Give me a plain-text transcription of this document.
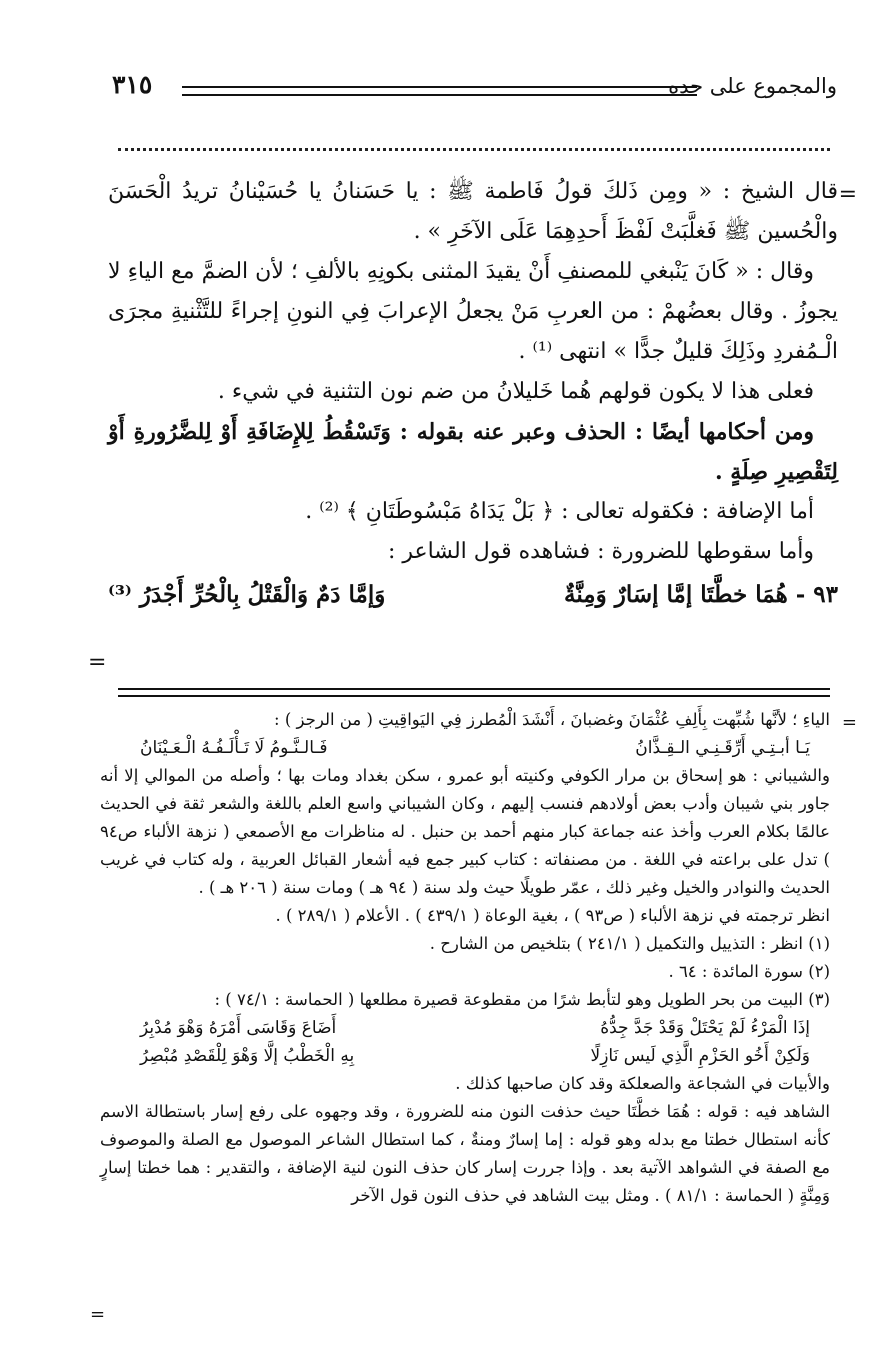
٣١٥	والمجموع على حده
=

قال الشيخ : « ومِن ذَلكَ قولُ فَاطمة ﷺ : يا حَسَنانُ يا حُسَيْنانُ تريدُ الْحَسَنَ والْحُسين ﷺ فَغلَّبَتْ لَفْظَ أَحدِهِمَا عَلَى الآخَرِ » .

وقال : « كَانَ يَنْبغي للمصنفِ أَنْ يقيدَ المثنى بكونِهِ بالألفِ ؛ لأن الضمَّ مع الياءِ لا يجوزُ . وقال بعضُهمْ : من العربِ مَنْ يجعلُ الإعرابَ فِي النونِ إجراءً للتَّثْنيةِ مجرَى الْـمُفردِ وذَلِكَ قليلٌ جدًّا » انتهى ⁽¹⁾ .

فعلى هذا لا يكون قولهم هُما خَليلانُ من ضم نون التثنية في شيء .

ومن أحكامها أيضًا : الحذف وعبر عنه بقوله : وَتَسْقُطُ لِلإِضَافَةِ أَوْ لِلضَّرُورةِ أَوْ لِتَقْصِيرِ صِلَةٍ .

أما الإضافة : فكقوله تعالى : ﴿ بَلْ يَدَاهُ مَبْسُوطَتَانِ ﴾ ⁽²⁾ .

وأما سقوطها للضرورة : فشاهده قول الشاعر :

٩٣ - هُمَا خطَّتَا إمَّا إسَارٌ وَمِنَّةٌ
وَإمَّا دَمٌ وَالْقَتْلُ بِالْحُرِّ أَجْدَرُ ⁽³⁾
=
=

الياءِ ؛ لأنَّها شُبِّهت بِأَلِفِ عُثْمَانَ وغضبانَ ، أَنْشَدَ الْمُطرز فِي اليَواقِيتِ ( من الرجز ) :

يَـا أبـتِـي أَرِّقَـنِـي الـقِـذَّانُ
فَـالـنَّـومُ لَا تَـأْلَـفُـهُ الْـعَـيْنَانُ

والشيباني : هو إسحاق بن مرار الكوفي وكنيته أبو عمرو ، سكن بغداد ومات بها ؛ وأصله من الموالي إلا أنه جاور بني شيبان وأدب بعض أولادهم فنسب إليهم ، وكان الشيباني واسع العلم باللغة والشعر ثقة في الحديث عالمًا بكلام العرب وأخذ عنه جماعة كبار منهم أحمد بن حنبل . له مناظرات مع الأصمعي ( نزهة الألباء ص٩٤ ) تدل على براعته في اللغة . من مصنفاته : كتاب كبير جمع فيه أشعار القبائل العربية ، وله كتاب في غريب الحديث والنوادر والخيل وغير ذلك ، عمّر طويلًا حيث ولد سنة ( ٩٤ هـ ) ومات سنة ( ٢٠٦ هـ ) .

انظر ترجمته في نزهة الألباء ( ص٩٣ ) ، بغية الوعاة ( ٤٣٩/١ ) . الأعلام ( ٢٨٩/١ ) .

(١) انظر : التذييل والتكميل ( ٢٤١/١ ) بتلخيص من الشارح .

(٢) سورة المائدة : ٦٤ .

(٣) البيت من بحر الطويل وهو لتأبط شرًا من مقطوعة قصيرة مطلعها ( الحماسة : ٧٤/١ ) :

إذَا الْمَرْءُ لَمْ يَحْتَلْ وَقَدْ جَدَّ جِدُّهُ
أَضَاعَ وَقَاسَى أَمْرَهُ وَهْوَ مُدْبِرُ
وَلَكِنْ أَخُو الحَزْمِ الَّذِي لَيس نَازِلًا
بِهِ الْخَطْبُ إلَّا وَهْوَ لِلْقَصْدِ مُبْصِرُ

والأبيات في الشجاعة والصعلكة وقد كان صاحبها كذلك .

الشاهد فيه : قوله : هُمَا خطَّتَا حيث حذفت النون منه للضرورة ، وقد وجهوه على رفع إسار باستطالة الاسم كأنه استطال خطتا مع بدله وهو قوله : إما إسارٌ ومنةٌ ، كما استطال الشاعر الموصول مع الصلة والموصوف مع الصفة في الشواهد الآتية بعد . وإذا جررت إسار كان حذف النون لنية الإضافة ، والتقدير : هما خطتا إسارٍ وَمِنَّةٍ ( الحماسة : ٨١/١ ) . ومثل بيت الشاهد في حذف النون قول الآخر

=
